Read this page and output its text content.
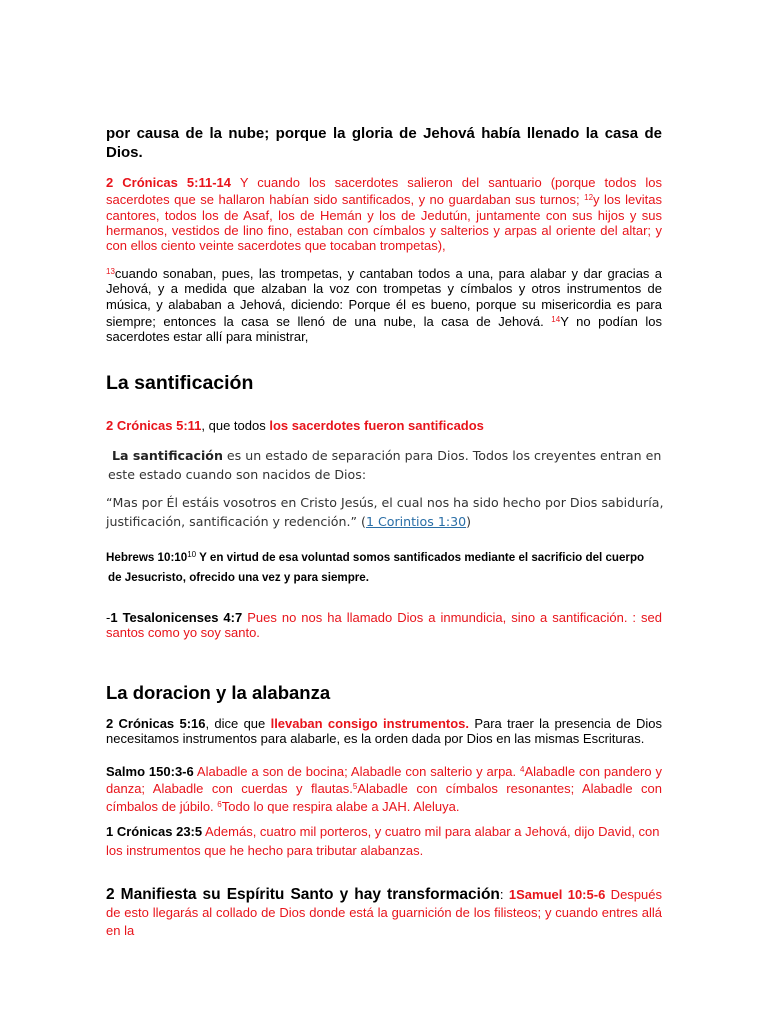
por causa de la nube; porque la gloria de Jehová había llenado la casa de Dios.

2 Crónicas 5:11-14 Y cuando los sacerdotes salieron del santuario (porque todos los sacerdotes que se hallaron habían sido santificados, y no guardaban sus turnos; $^{12}$y los levitas cantores, todos los de Asaf, los de Hemán y los de Jedutún, juntamente con sus hijos y sus hermanos, vestidos de lino fino, estaban con címbalos y salterios y arpas al oriente del altar; y con ellos ciento veinte sacerdotes que tocaban trompetas),

$^{13}$cuando sonaban, pues, las trompetas, y cantaban todos a una, para alabar y dar gracias a Jehová, y a medida que alzaban la voz con trompetas y címbalos y otros instrumentos de música, y alababan a Jehová, diciendo: Porque él es bueno, porque su misericordia es para siempre; entonces la casa se llenó de una nube, la casa de Jehová. $^{14}$Y no podían los sacerdotes estar allí para ministrar,

La santificación

2 Crónicas 5:11, que todos los sacerdotes fueron santificados

La santificación es un estado de separación para Dios. Todos los creyentes entran en este estado cuando son nacidos de Dios:

“Mas por Él estáis vosotros en Cristo Jesús, el cual nos ha sido hecho por Dios sabiduría, justificación, santificación y redención.” (1 Corintios 1:30)

Hebrews $10:10^{10}$ Y en virtud de esa voluntad somos santificados mediante el sacrificio del cuerpo
de Jesucristo, ofrecido una vez y para siempre.

-1 Tesalonicenses 4:7 Pues no nos ha llamado Dios a inmundicia, sino a santificación. : sed santos como yo soy santo.

La doracion y la alabanza

2 Crónicas 5:16, dice que llevaban consigo instrumentos. Para traer la presencia de Dios necesitamos instrumentos para alabarle, es la orden dada por Dios en las mismas Escrituras.

Salmo 150:3-6 Alabadle a son de bocina; Alabadle con salterio y arpa. $^4$Alabadle con pandero y danza; Alabadle con cuerdas y flautas.$^5$Alabadle con címbalos resonantes; Alabadle con címbalos de júbilo. $^6$Todo lo que respira alabe a JAH. Aleluya.

1 Crónicas 23:5 Además, cuatro mil porteros, y cuatro mil para alabar a Jehová, dijo David, con los instrumentos que he hecho para tributar alabanzas.

2 Manifiesta su Espíritu Santo y hay transformación: 1Samuel 10:5-6 Después de esto llegarás al collado de Dios donde está la guarnición de los filisteos; y cuando entres allá en la
